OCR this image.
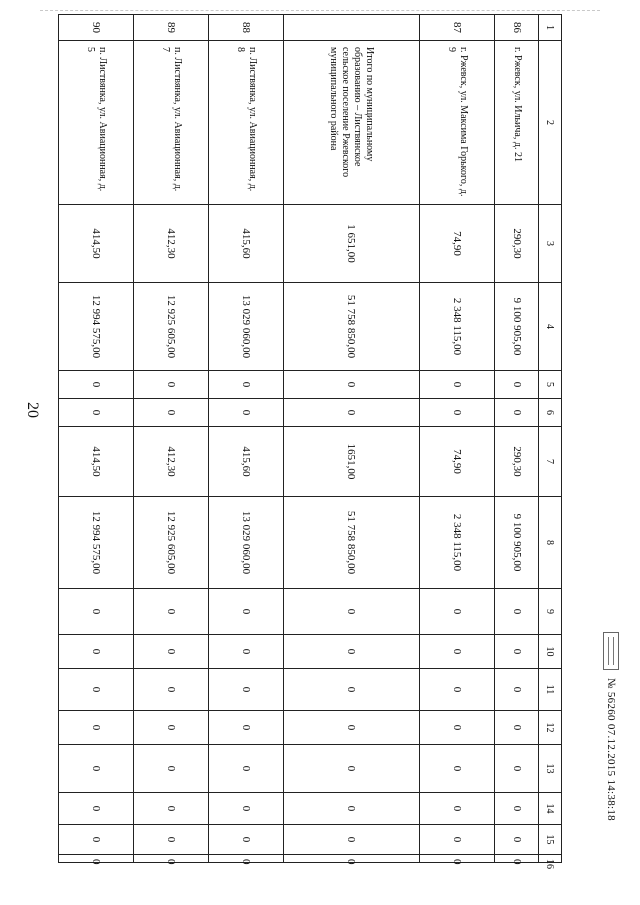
20
1	2	3	4	5	6	7	8	9	10	11	12	13	14	15	16
86	г. Ржевск, ул. Ильича, д. 21	290,30	9 100 905,00	0	0	290,30	9 100 905,00	0	0	0	0	0	0	0	0
87	г. Ржевск, ул. Максима Горького, д. 9	74,90	2 348 115,00	0	0	74,90	2 348 115,00	0	0	0	0	0	0	0	0
	Итого по муниципальному образованию – Листвянское сельское поселение Ржевского муниципального района	1 651,00	51 758 850,00	0	0	1651,00	51 758 850,00	0	0	0	0	0	0	0	0
88	п. Листвянка, ул. Авиационная, д. 8	415,60	13 029 060,00	0	0	415,60	13 029 060,00	0	0	0	0	0	0	0	0
89	п. Листвянка, ул. Авиационная, д. 7	412,30	12 925 605,00	0	0	412,30	12 925 605,00	0	0	0	0	0	0	0	0
90	п. Листвянка, ул. Авиационная, д. 5	414,50	12 994 575,00	0	0	414,50	12 994 575,00	0	0	0	0	0	0	0	0
№ 56260 07.12.2015 14:38:18
